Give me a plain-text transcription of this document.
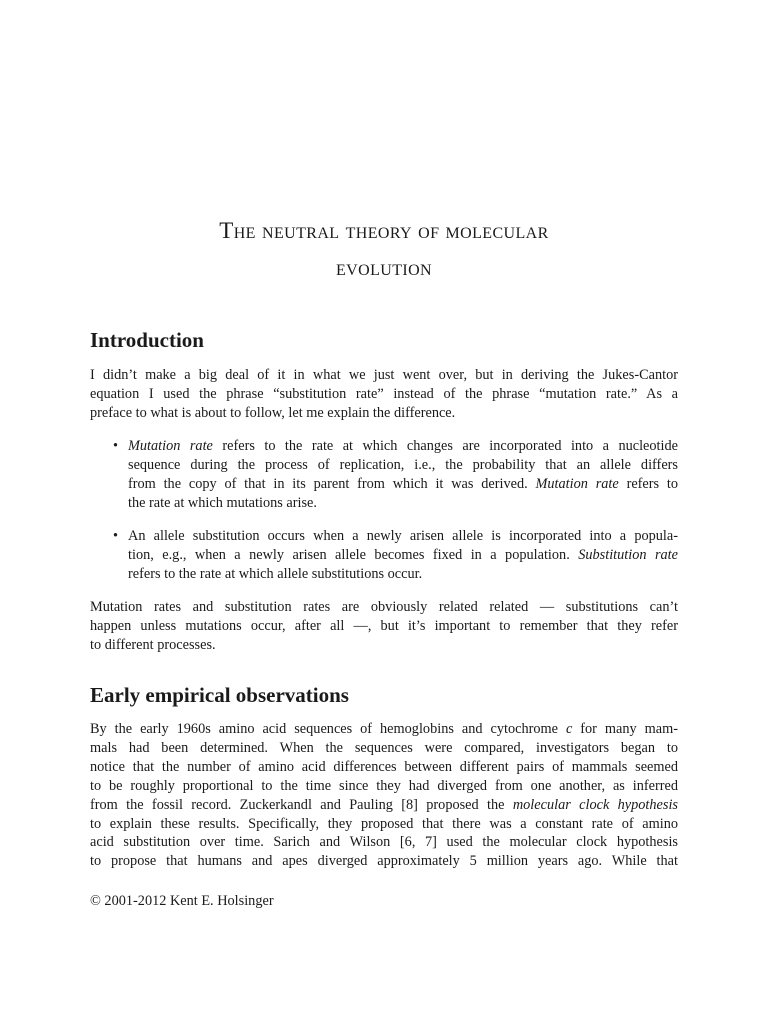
The neutral theory of molecular
evolution
Introduction
I didn’t make a big deal of it in what we just went over, but in deriving the Jukes-Cantor
equation I used the phrase “substitution rate” instead of the phrase “mutation rate.” As a
preface to what is about to follow, let me explain the difference.
• Mutation rate refers to the rate at which changes are incorporated into a nucleotide
sequence during the process of replication, i.e., the probability that an allele differs
from the copy of that in its parent from which it was derived. Mutation rate refers to
the rate at which mutations arise.
• An allele substitution occurs when a newly arisen allele is incorporated into a popula-
tion, e.g., when a newly arisen allele becomes fixed in a population. Substitution rate
refers to the rate at which allele substitutions occur.
Mutation rates and substitution rates are obviously related related — substitutions can’t
happen unless mutations occur, after all —, but it’s important to remember that they refer
to different processes.
Early empirical observations
By the early 1960s amino acid sequences of hemoglobins and cytochrome c for many mam-
mals had been determined. When the sequences were compared, investigators began to
notice that the number of amino acid differences between different pairs of mammals seemed
to be roughly proportional to the time since they had diverged from one another, as inferred
from the fossil record. Zuckerkandl and Pauling [8] proposed the molecular clock hypothesis
to explain these results. Specifically, they proposed that there was a constant rate of amino
acid substitution over time. Sarich and Wilson [6, 7] used the molecular clock hypothesis
to propose that humans and apes diverged approximately 5 million years ago. While that

© 2001-2012 Kent E. Holsinger
